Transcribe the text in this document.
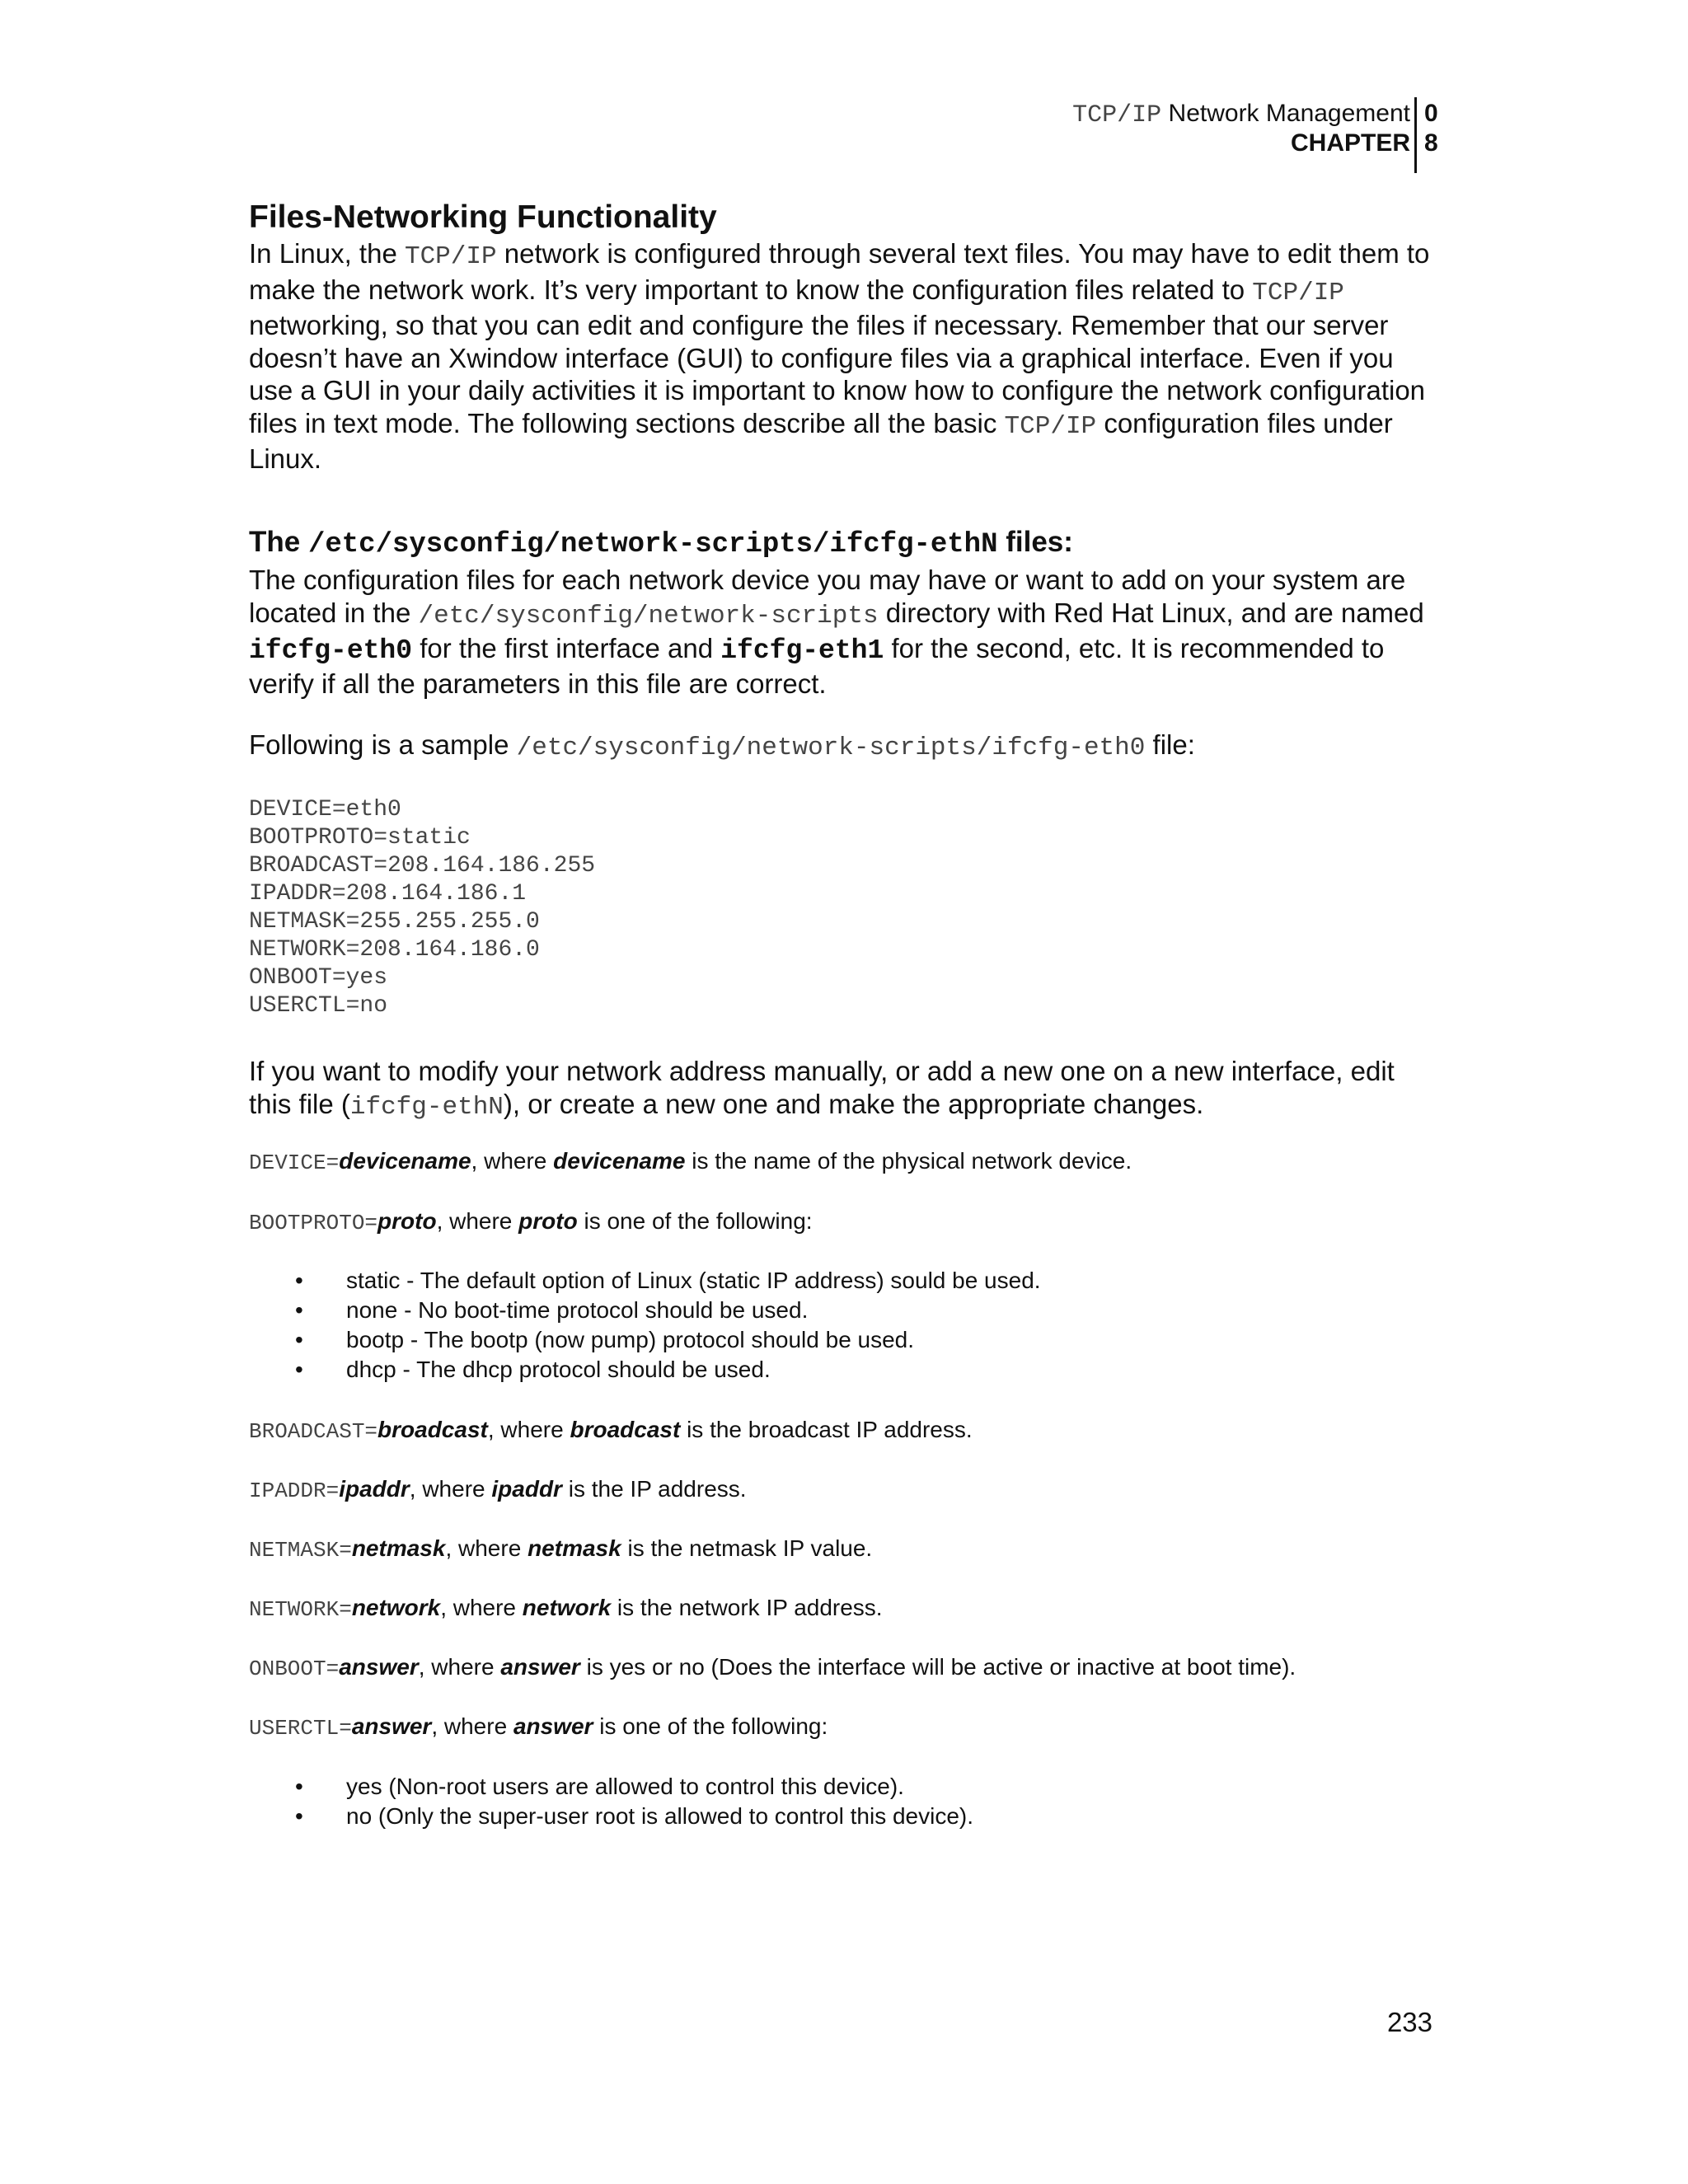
TCP/IP Network Management
CHAPTER
0
8
Files-Networking Functionality
In Linux, the TCP/IP network is configured through several text files. You may have to edit them to make the network work. It’s very important to know the configuration files related to TCP/IP networking, so that you can edit and configure the files if necessary. Remember that our server doesn’t have an Xwindow interface (GUI) to configure files via a graphical interface. Even if you use a GUI in your daily activities it is important to know how to configure the network configuration files in text mode. The following sections describe all the basic TCP/IP configuration files under Linux.
The /etc/sysconfig/network-scripts/ifcfg-ethN files:
The configuration files for each network device you may have or want to add on your system are located in the /etc/sysconfig/network-scripts directory with Red Hat Linux, and are named ifcfg-eth0 for the first interface and ifcfg-eth1 for the second, etc. It is recommended to verify if all the parameters in this file are correct.
Following is a sample /etc/sysconfig/network-scripts/ifcfg-eth0 file:
DEVICE=eth0
BOOTPROTO=static
BROADCAST=208.164.186.255
IPADDR=208.164.186.1
NETMASK=255.255.255.0
NETWORK=208.164.186.0
ONBOOT=yes
USERCTL=no
If you want to modify your network address manually, or add a new one on a new interface, edit this file (ifcfg-ethN), or create a new one and make the appropriate changes.
DEVICE=devicename, where devicename is the name of the physical network device.
BOOTPROTO=proto, where proto is one of the following:
• static - The default option of Linux (static IP address) sould be used.
• none - No boot-time protocol should be used.
• bootp - The bootp (now pump) protocol should be used.
• dhcp - The dhcp protocol should be used.
BROADCAST=broadcast, where broadcast is the broadcast IP address.
IPADDR=ipaddr, where ipaddr is the IP address.
NETMASK=netmask, where netmask is the netmask IP value.
NETWORK=network, where network is the network IP address.
ONBOOT=answer, where answer is yes or no (Does the interface will be active or inactive at boot time).
USERCTL=answer, where answer is one of the following:
• yes (Non-root users are allowed to control this device).
• no (Only the super-user root is allowed to control this device).
233
